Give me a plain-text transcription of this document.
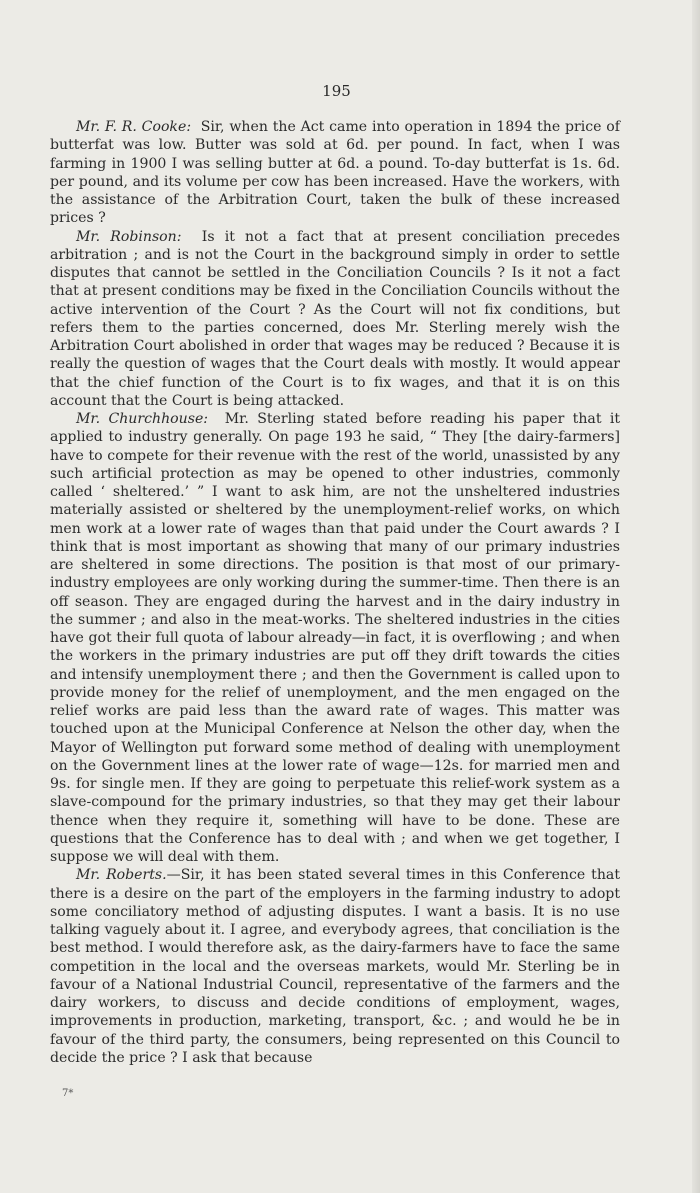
195

Mr. F. R. Cooke: Sir, when the Act came into operation in 1894 the price of butterfat was low. Butter was sold at 6d. per pound. In fact, when I was farming in 1900 I was selling butter at 6d. a pound. To-day butterfat is 1s. 6d. per pound, and its volume per cow has been increased. Have the workers, with the assistance of the Arbitration Court, taken the bulk of these increased prices ?

Mr. Robinson: Is it not a fact that at present conciliation precedes arbitration ; and is not the Court in the background simply in order to settle disputes that cannot be settled in the Conciliation Councils ? Is it not a fact that at present conditions may be fixed in the Conciliation Councils without the active intervention of the Court ? As the Court will not fix conditions, but refers them to the parties concerned, does Mr. Sterling merely wish the Arbitration Court abolished in order that wages may be reduced ? Because it is really the question of wages that the Court deals with mostly. It would appear that the chief function of the Court is to fix wages, and that it is on this account that the Court is being attacked.

Mr. Churchhouse: Mr. Sterling stated before reading his paper that it applied to industry generally. On page 193 he said, “ They [the dairy-farmers] have to compete for their revenue with the rest of the world, unassisted by any such artificial protection as may be opened to other industries, commonly called ‘ sheltered.’ ” I want to ask him, are not the unsheltered industries materially assisted or sheltered by the unemployment-relief works, on which men work at a lower rate of wages than that paid under the Court awards ? I think that is most important as showing that many of our primary industries are sheltered in some directions. The position is that most of our primary-industry employees are only working during the summer-time. Then there is an off season. They are engaged during the harvest and in the dairy industry in the summer ; and also in the meat-works. The sheltered industries in the cities have got their full quota of labour already—in fact, it is overflowing ; and when the workers in the primary industries are put off they drift towards the cities and intensify unemployment there ; and then the Government is called upon to provide money for the relief of unemployment, and the men engaged on the relief works are paid less than the award rate of wages. This matter was touched upon at the Municipal Conference at Nelson the other day, when the Mayor of Wellington put forward some method of dealing with unemployment on the Government lines at the lower rate of wage—12s. for married men and 9s. for single men. If they are going to perpetuate this relief-work system as a slave-compound for the primary industries, so that they may get their labour thence when they require it, something will have to be done. These are questions that the Conference has to deal with ; and when we get together, I suppose we will deal with them.

Mr. Roberts.—Sir, it has been stated several times in this Conference that there is a desire on the part of the employers in the farming industry to adopt some conciliatory method of adjusting disputes. I want a basis. It is no use talking vaguely about it. I agree, and everybody agrees, that conciliation is the best method. I would therefore ask, as the dairy-farmers have to face the same competition in the local and the overseas markets, would Mr. Sterling be in favour of a National Industrial Council, representative of the farmers and the dairy workers, to discuss and decide conditions of employment, wages, improvements in production, marketing, transport, &c. ; and would he be in favour of the third party, the consumers, being represented on this Council to decide the price ? I ask that because

7*
